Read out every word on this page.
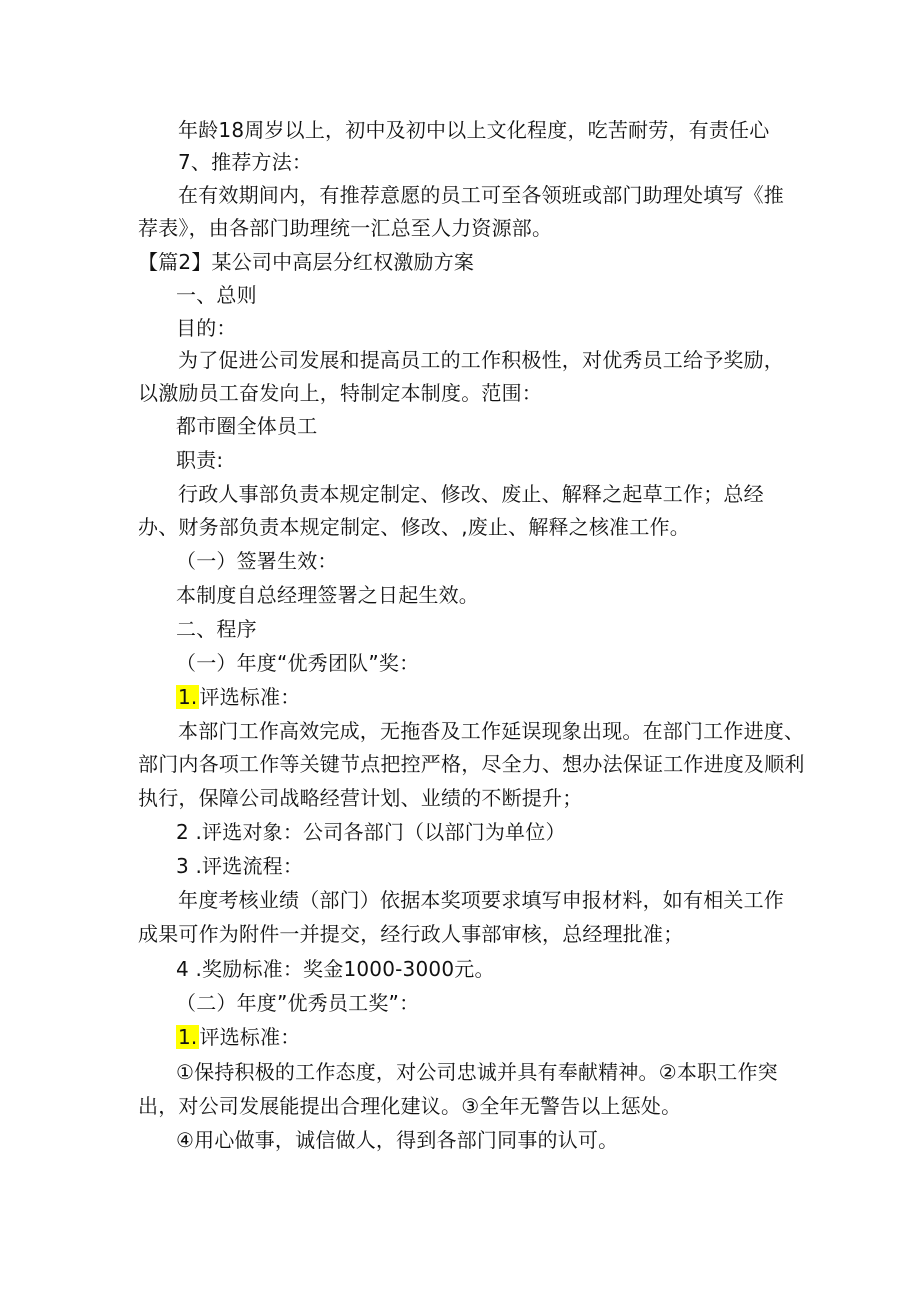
年龄18周岁以上，初中及初中以上文化程度，吃苦耐劳，有责任心
7、推荐方法：
在有效期间内，有推荐意愿的员工可至各领班或部门助理处填写《推
荐表》，由各部门助理统一汇总至人力资源部。
【篇2】某公司中高层分红权激励方案
一、总则
目的：
为了促进公司发展和提高员工的工作积极性，对优秀员工给予奖励，
以激励员工奋发向上，特制定本制度。范围：
都市圈全体员工
职责:
行政人事部负责本规定制定、修改、废止、解释之起草工作；总经
办、财务部负责本规定制定、修改、,废止、解释之核准工作。
（一）签署生效：
本制度自总经理签署之日起生效。
二、程序
（一）年度“优秀团队”奖：
1. 评选标准：
本部门工作高效完成，无拖沓及工作延误现象出现。在部门工作进度、
部门内各项工作等关键节点把控严格，尽全力、想办法保证工作进度及顺利
执行，保障公司战略经营计划、业绩的不断提升；
2 .评选对象：公司各部门（以部门为单位）
3 .评选流程：
年度考核业绩（部门）依据本奖项要求填写申报材料，如有相关工作
成果可作为附件一并提交，经行政人事部审核，总经理批准；
4 .奖励标准：奖金1000-3000元。
（二）年度”优秀员工奖”：
1. 评选标准：
①保持积极的工作态度，对公司忠诚并具有奉献精神。②本职工作突
出，对公司发展能提出合理化建议。③全年无警告以上惩处。
④用心做事，诚信做人，得到各部门同事的认可。
